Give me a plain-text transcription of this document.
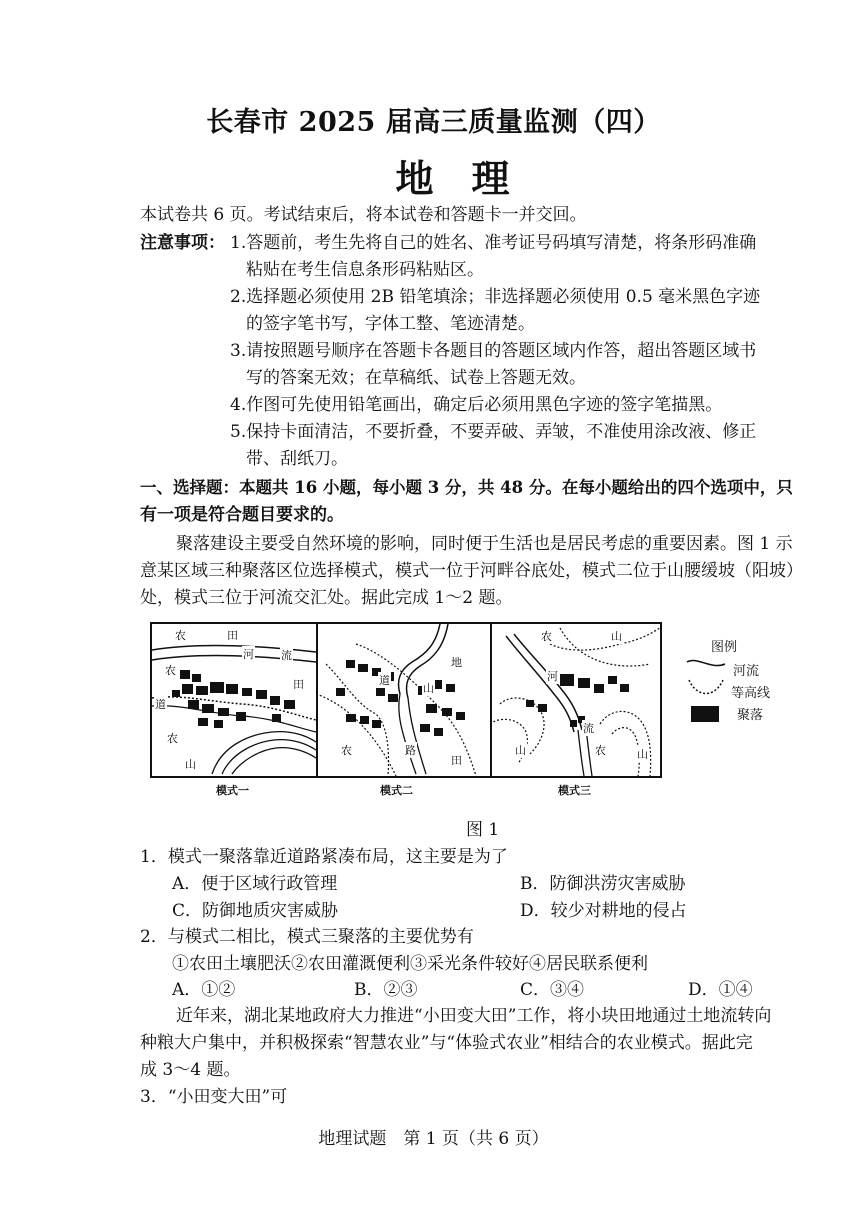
长春市 2025 届高三质量监测（四）
地理
本试卷共 6 页。考试结束后，将本试卷和答题卡一并交回。
注意事项： 1.答题前，考生先将自己的姓名、准考证号码填写清楚，将条形码准确
粘贴在考生信息条形码粘贴区。
2.选择题必须使用 2B 铅笔填涂；非选择题必须使用 0.5 毫米黑色字迹
的签字笔书写，字体工整、笔迹清楚。
3.请按照题号顺序在答题卡各题目的答题区域内作答，超出答题区域书
写的答案无效；在草稿纸、试卷上答题无效。
4.作图可先使用铅笔画出，确定后必须用黑色字迹的签字笔描黑。
5.保持卡面清洁，不要折叠，不要弄破、弄皱，不准使用涂改液、修正
带、刮纸刀。
一、选择题：本题共 16 小题，每小题 3 分，共 48 分。在每小题给出的四个选项中，只
有一项是符合题目要求的。
聚落建设主要受自然环境的影响，同时便于生活也是居民考虑的重要因素。图 1 示
意某区域三种聚落区位选择模式，模式一位于河畔谷底处，模式二位于山腰缓坡（阳坡）
处，模式三位于河流交汇处。据此完成 1～2 题。
农	田
河 流
农
道
田
农
山
地
道
山
农	路
田
农	山
河
流
山	农	山
模式一	模式二	模式三
图例
河流
等高线
聚落
图 1
1．模式一聚落靠近道路紧凑布局，这主要是为了
A．便于区域行政管理	B．防御洪涝灾害威胁
C．防御地质灾害威胁	D．较少对耕地的侵占
2．与模式二相比，模式三聚落的主要优势有
①农田土壤肥沃②农田灌溉便利③采光条件较好④居民联系便利
A．①②	B．②③	C．③④	D．①④
近年来，湖北某地政府大力推进“小田变大田”工作，将小块田地通过土地流转向
种粮大户集中，并积极探索“智慧农业”与“体验式农业”相结合的农业模式。据此完
成 3～4 题。
3．“小田变大田”可
地理试题　第 1 页（共 6 页）
